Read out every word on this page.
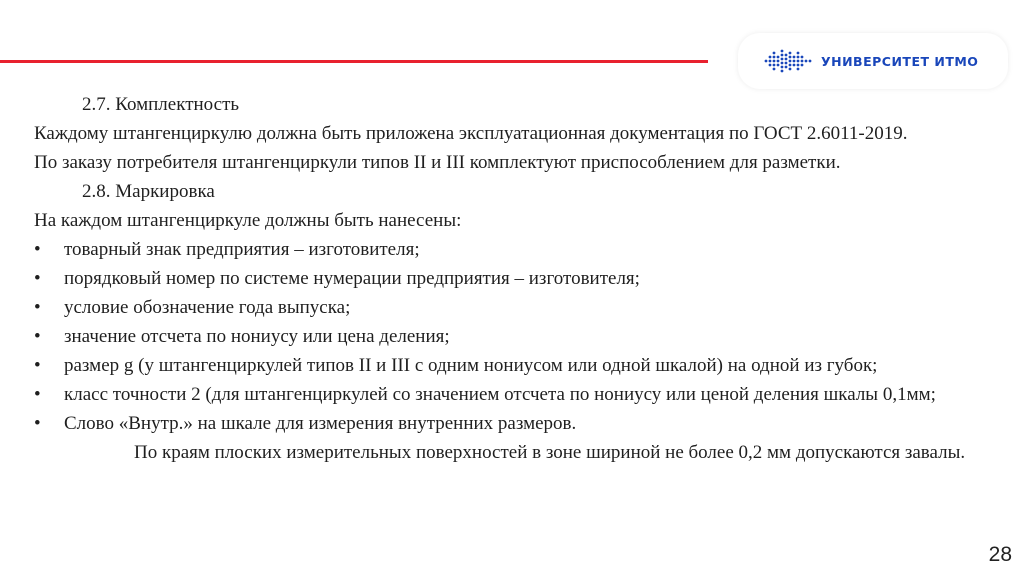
УНИВЕРСИТЕТ ИТМО

2.7. Комплектность

Каждому штангенциркулю должна быть приложена эксплуатационная документация по ГОСТ 2.6011-2019.

По заказу потребителя штангенциркули типов II и III комплектуют приспособлением для разметки.

2.8. Маркировка

На каждом штангенциркуле должны быть нанесены:

•	товарный знак предприятия – изготовителя;
•	порядковый номер по системе нумерации предприятия – изготовителя;
•	условие обозначение года выпуска;
•	значение отсчета по нониусу или цена деления;
•	размер g (у штангенциркулей типов II и III с одним нониусом или одной шкалой) на одной из губок;
•	класс точности 2 (для штангенциркулей со значением отсчета по нониусу или ценой деления шкалы 0,1мм;
•	Слово «Внутр.» на шкале для измерения внутренних размеров.

По краям плоских измерительных поверхностей в зоне шириной не более 0,2 мм допускаются завалы.

28
